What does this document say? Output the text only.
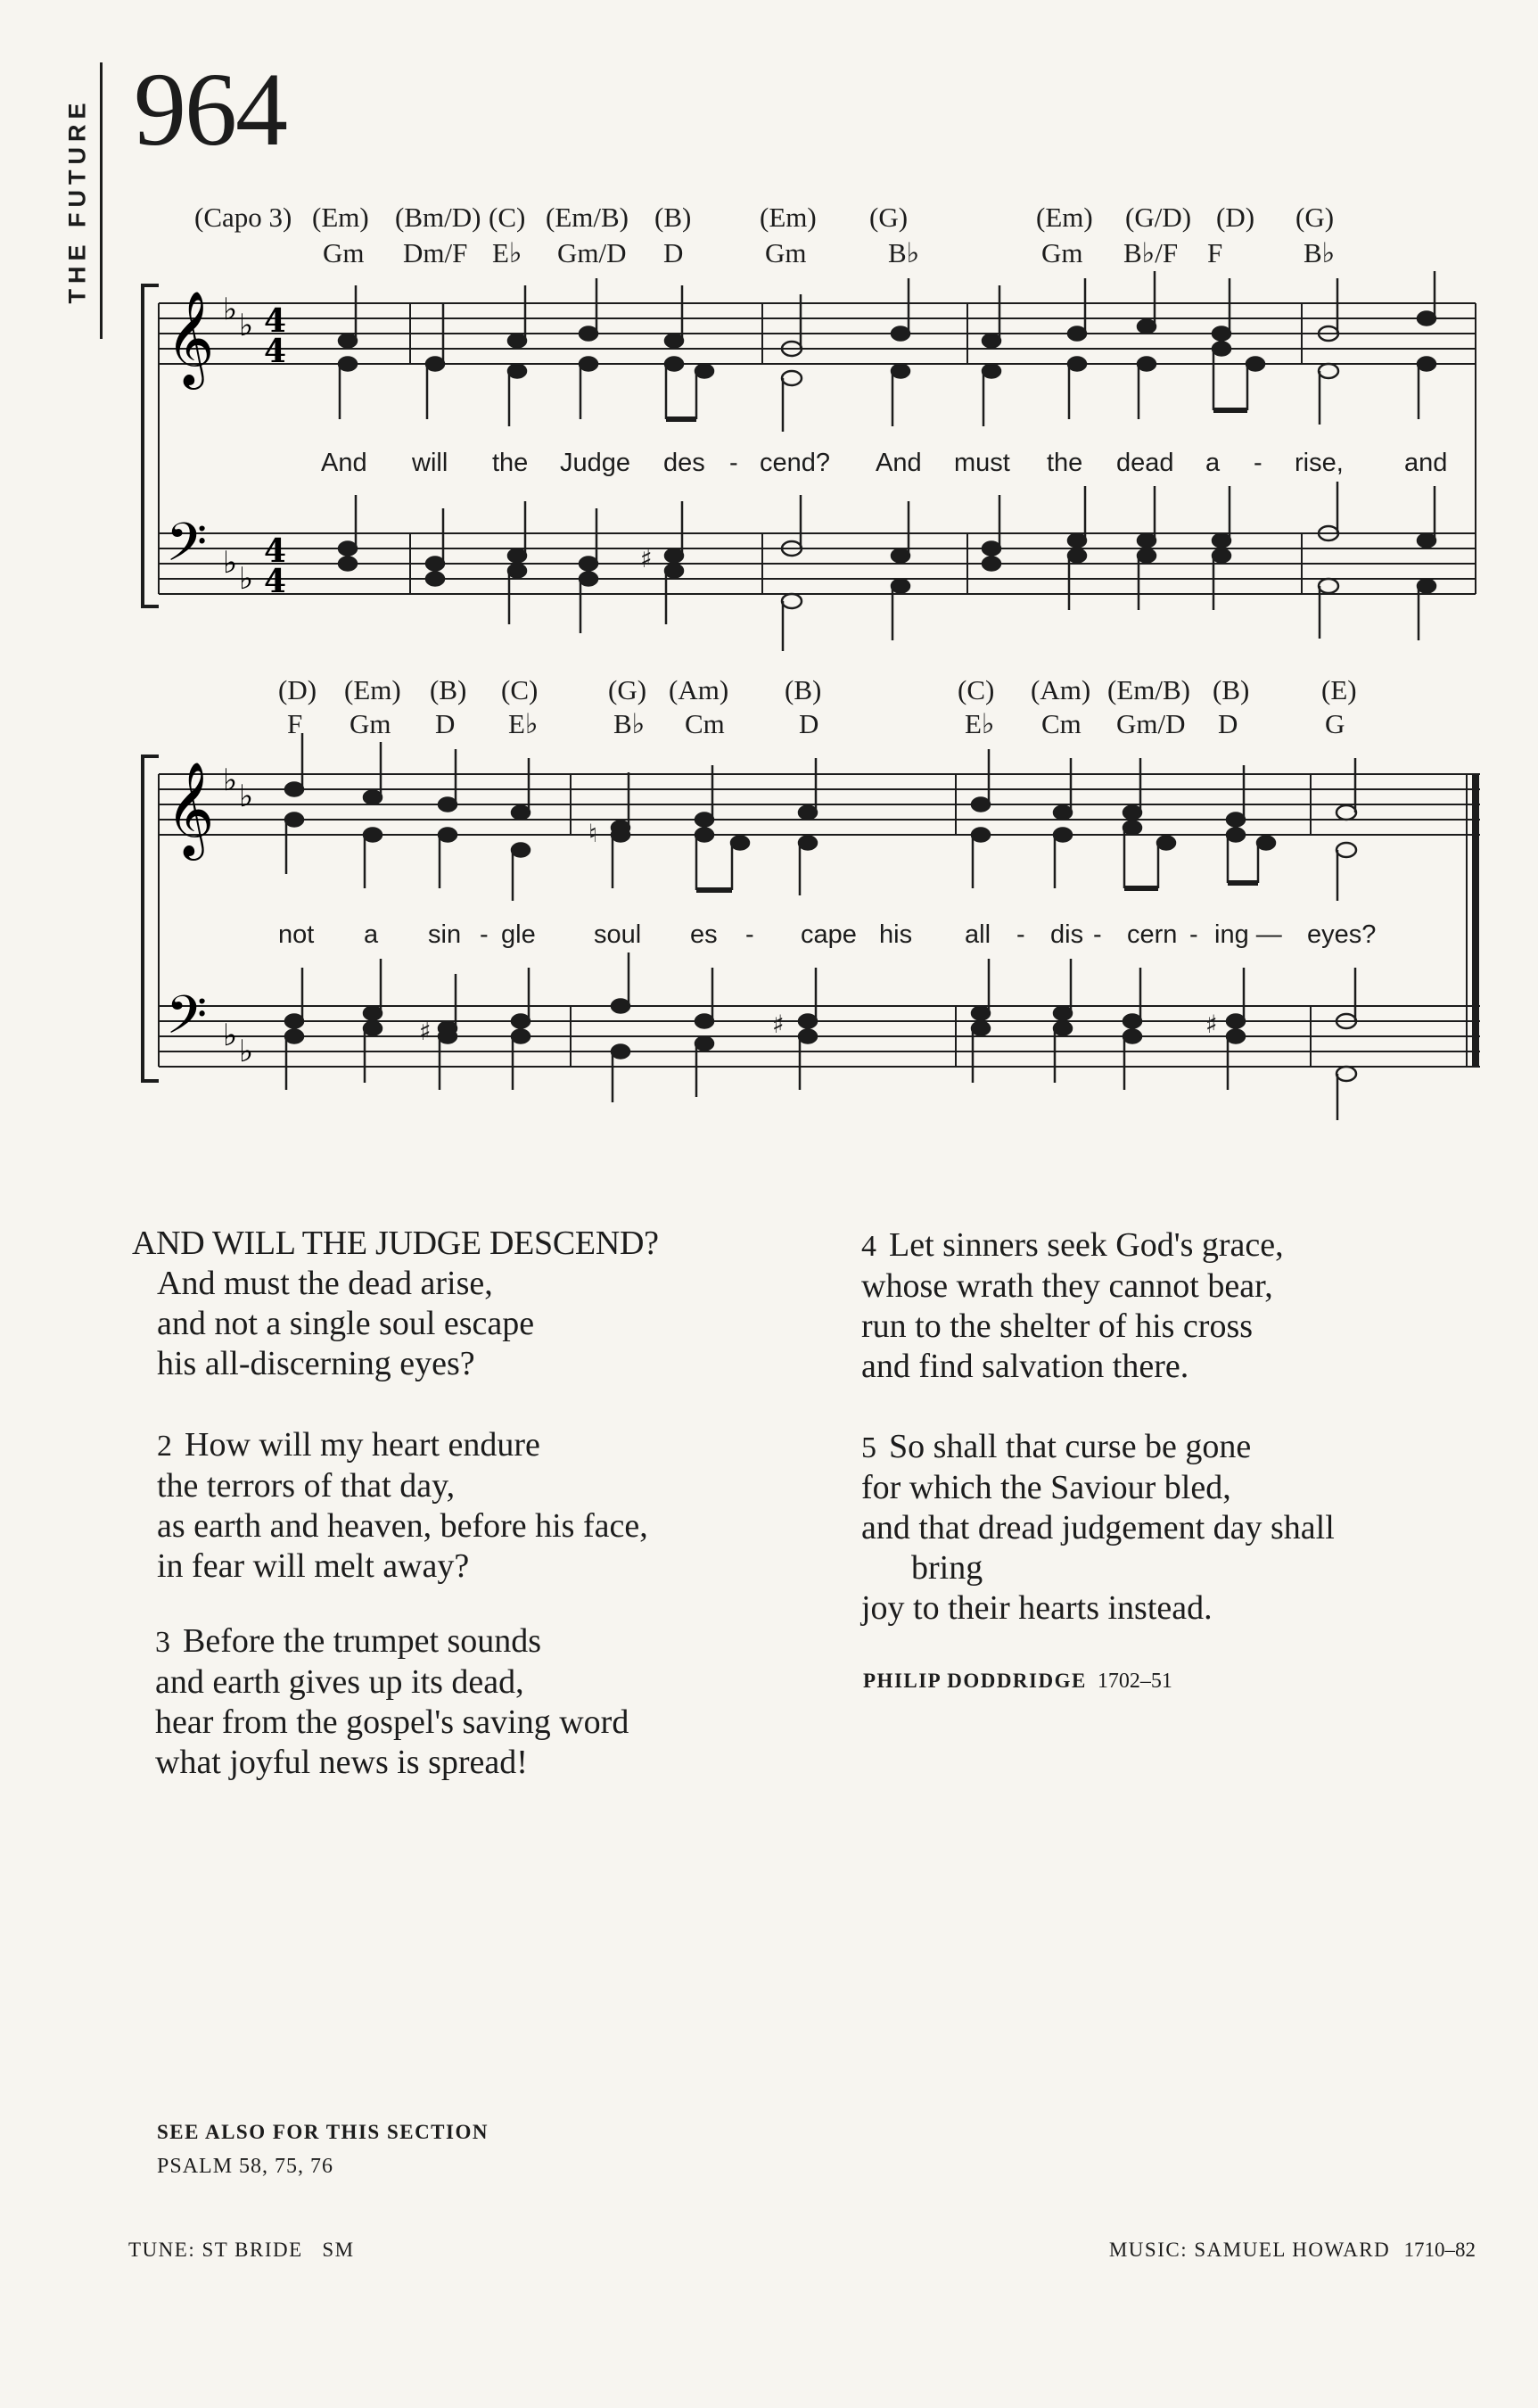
THE FUTURE 964
(Capo 3) (Em) (Bm/D) (C) (Em/B) (B) (Em) (G)	(Em) (G/D) (D) (G)
Gm Dm/F E♭ Gm/D D	Gm	B♭	Gm B♭/F F	B♭
𝄞
𝄢
♭ ♭
♭ ♭
4
4
4
4
♯
And will the Judge des - cend? And must the dead a - rise, and
(D) (Em) (B) (C)	(G) (Am) (B)	(C) (Am) (Em/B) (B)	(E)
F Gm D E♭	B♭ Cm	D	E♭ Cm Gm/D D	G
𝄞
𝄢
♭ ♭
♭ ♭
♮
♯	♯	♯
not a sin - gle soul es - cape his all - dis - cern - ing — eyes?
AND WILL THE JUDGE DESCEND?
And must the dead arise,
and not a single soul escape
his all-discerning eyes?
2 How will my heart endure
the terrors of that day,
as earth and heaven, before his face,
in fear will melt away?
3 Before the trumpet sounds
and earth gives up its dead,
hear from the gospel's saving word
what joyful news is spread!
4 Let sinners seek God's grace,
whose wrath they cannot bear,
run to the shelter of his cross
and find salvation there.
5 So shall that curse be gone
for which the Saviour bled,
and that dread judgement day shall
bring
joy to their hearts instead.
PHILIP DODDRIDGE 1702–51
SEE ALSO FOR THIS SECTION
PSALM 58, 75, 76
TUNE: ST BRIDE   SM	MUSIC: SAMUEL HOWARD 1710–82
